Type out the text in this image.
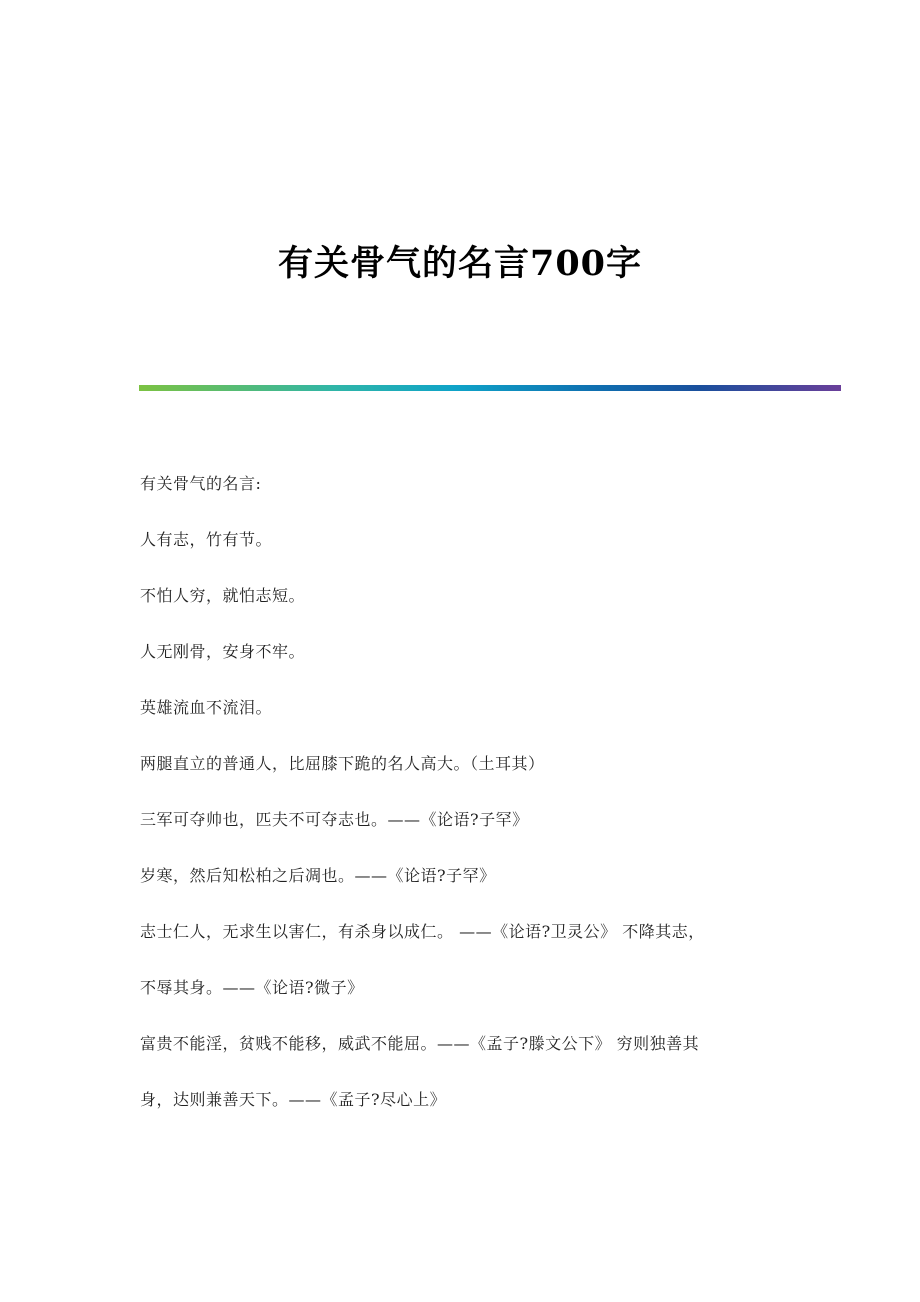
有关骨气的名言700字
有关骨气的名言:
人有志，竹有节。
不怕人穷，就怕志短。
人无刚骨，安身不牢。
英雄流血不流泪。
两腿直立的普通人，比屈膝下跪的名人高大。（土耳其）
三军可夺帅也，匹夫不可夺志也。——《论语?子罕》
岁寒，然后知松柏之后凋也。——《论语?子罕》
志士仁人，无求生以害仁，有杀身以成仁。 ——《论语?卫灵公》 不降其志，
不辱其身。——《论语?微子》
富贵不能淫，贫贱不能移，威武不能屈。——《孟子?滕文公下》 穷则独善其
身，达则兼善天下。——《孟子?尽心上》
